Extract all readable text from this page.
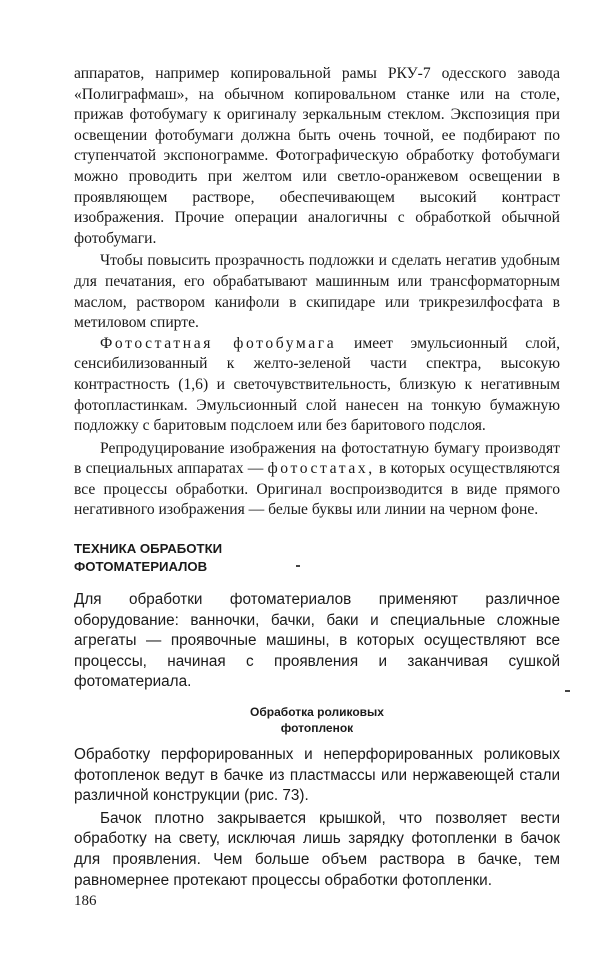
аппаратов, например копировальной рамы РКУ-7 одесского завода «Полиграфмаш», на обычном копировальном станке или на столе, прижав фотобумагу к оригиналу зеркальным стеклом. Экспозиция при освещении фотобумаги должна быть очень точной, ее подбирают по ступенчатой экспонограмме. Фотографическую обработку фотобумаги можно проводить при желтом или светло-оранжевом освещении в проявляющем растворе, обеспечивающем высокий контраст изображения. Прочие операции аналогичны с обработкой обычной фотобумаги.

Чтобы повысить прозрачность подложки и сделать негатив удобным для печатания, его обрабатывают машинным или трансформаторным маслом, раствором канифоли в скипидаре или трикрезилфосфата в метиловом спирте.

Фотостатная фотобумага имеет эмульсионный слой, сенсибилизованный к желто-зеленой части спектра, высокую контрастность (1,6) и светочувствительность, близкую к негативным фотопластинкам. Эмульсионный слой нанесен на тонкую бумажную подложку с баритовым подслоем или без баритового подслоя.

Репродуцирование изображения на фотостатную бумагу производят в специальных аппаратах — фотостатах, в которых осуществляются все процессы обработки. Оригинал воспроизводится в виде прямого негативного изображения — белые буквы или линии на черном фоне.

ТЕХНИКА ОБРАБОТКИ
ФОТОМАТЕРИАЛОВ

Для обработки фотоматериалов применяют различное оборудование: ванночки, бачки, баки и специальные сложные агрегаты — проявочные машины, в которых осуществляют все процессы, начиная с проявления и заканчивая сушкой фотоматериала.

Обработка роликовых
фотопленок

Обработку перфорированных и неперфорированных роликовых фотопленок ведут в бачке из пластмассы или нержавеющей стали различной конструкции (рис. 73).

Бачок плотно закрывается крышкой, что позволяет вести обработку на свету, исключая лишь зарядку фотопленки в бачок для проявления. Чем больше объем раствора в бачке, тем равномернее протекают процессы обработки фотопленки.

186
